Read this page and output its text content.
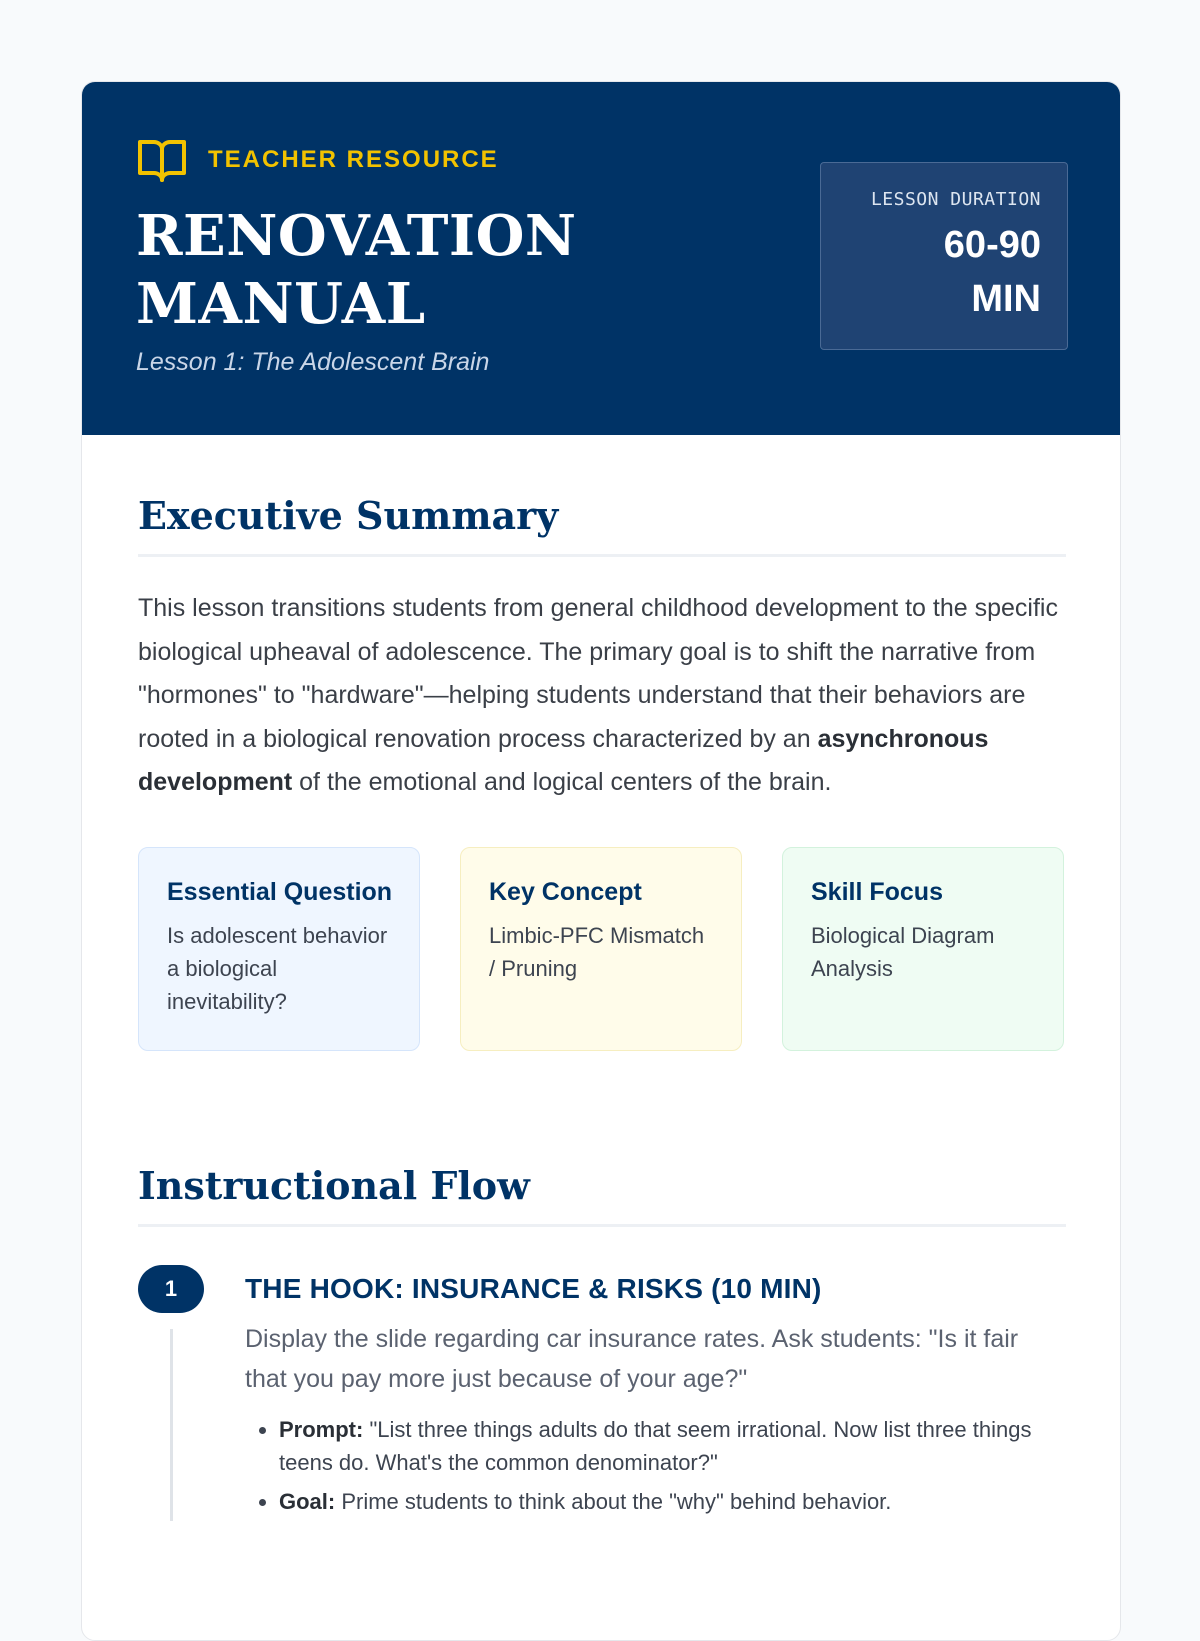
TEACHER RESOURCE
RENOVATION
MANUAL
Lesson 1: The Adolescent Brain
LESSON DURATION
60-90
MIN
Executive Summary

This lesson transitions students from general childhood development to the specific biological upheaval of adolescence. The primary goal is to shift the narrative from "hormones" to "hardware"—helping students understand that their behaviors are rooted in a biological renovation process characterized by an asynchronous development of the emotional and logical centers of the brain.

Essential Question
Is adolescent behavior a biological inevitability?
Key Concept
Limbic-PFC Mismatch / Pruning
Skill Focus
Biological Diagram Analysis
Instructional Flow
1	THE HOOK: INSURANCE & RISKS (10 MIN)
Display the slide regarding car insurance rates. Ask students: "Is it fair that you pay more just because of your age?"
• Prompt: "List three things adults do that seem irrational. Now list three things teens do. What's the common denominator?"
• Goal: Prime students to think about the "why" behind behavior.
